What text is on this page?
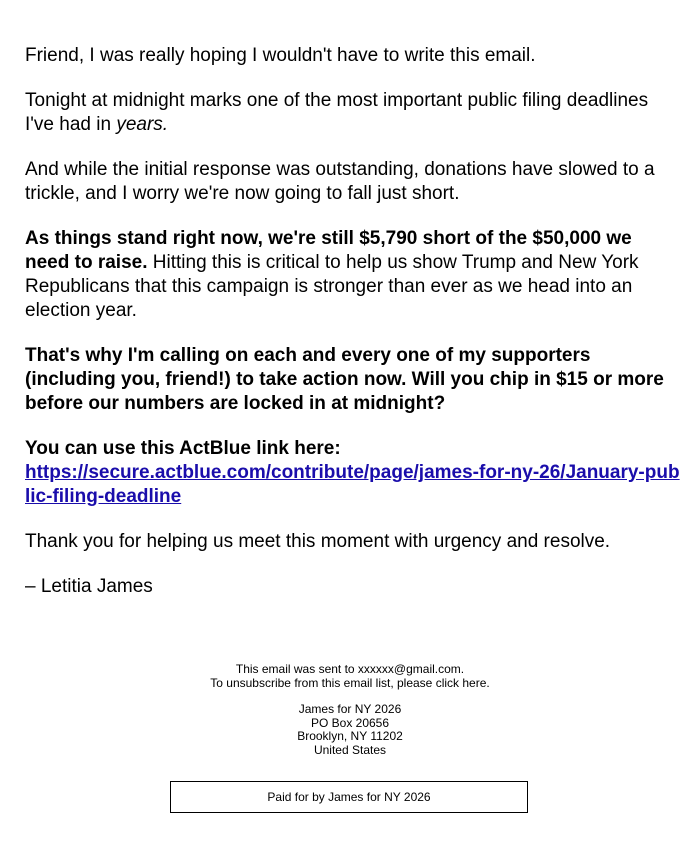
Friend, I was really hoping I wouldn't have to write this email.

Tonight at midnight marks one of the most important public filing deadlines I've had in years.

And while the initial response was outstanding, donations have slowed to a trickle, and I worry we're now going to fall just short.

As things stand right now, we're still $5,790 short of the $50,000 we need to raise. Hitting this is critical to help us show Trump and New York Republicans that this campaign is stronger than ever as we head into an election year.

That's why I'm calling on each and every one of my supporters (including you, friend!) to take action now. Will you chip in $15 or more before our numbers are locked in at midnight?

You can use this ActBlue link here:
https://secure.actblue.com/contribute/page/james-for-ny-26/January-public-filing-deadline

Thank you for helping us meet this moment with urgency and resolve.

– Letitia James

This email was sent to xxxxxx@gmail.com.

To unsubscribe from this email list, please click here.

James for NY 2026

PO Box 20656

Brooklyn, NY 11202

United States

Paid for by James for NY 2026
